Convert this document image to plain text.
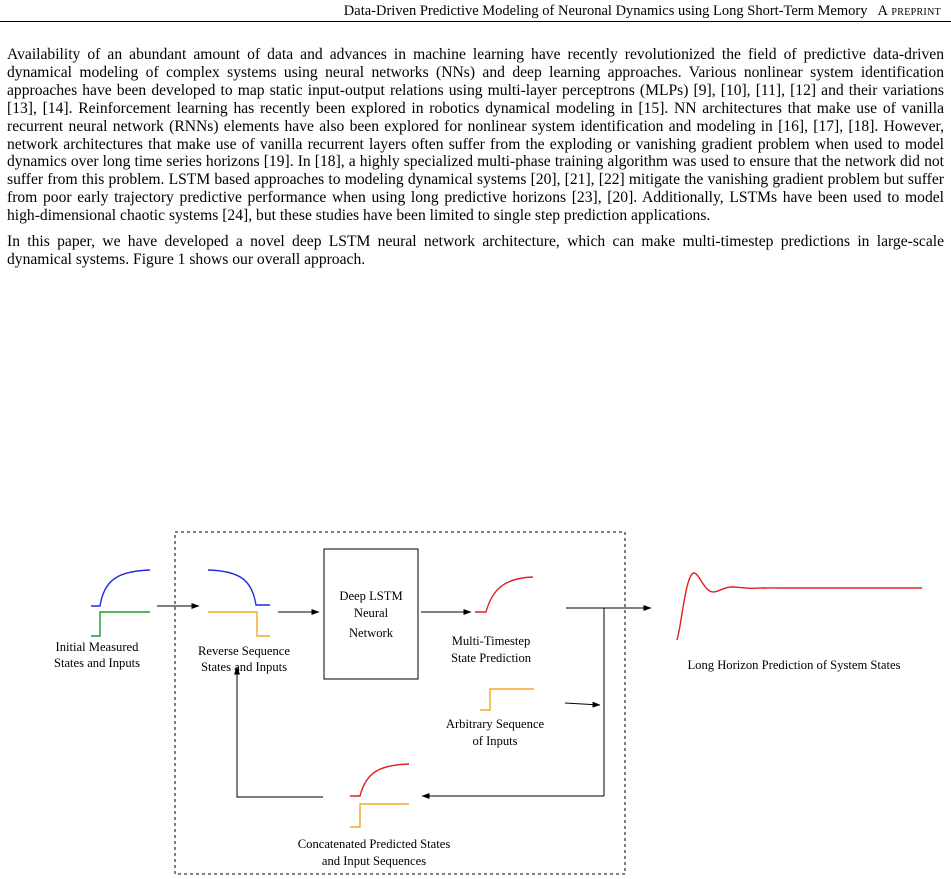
Data-Driven Predictive Modeling of Neuronal Dynamics using Long Short-Term Memory A preprint

Availability of an abundant amount of data and advances in machine learning have recently revolutionized the field of predictive data-driven dynamical modeling of complex systems using neural networks (NNs) and deep learning approaches. Various nonlinear system identification approaches have been developed to map static input-output relations using multi-layer perceptrons (MLPs) [9], [10], [11], [12] and their variations [13], [14]. Reinforcement learning has recently been explored in robotics dynamical modeling in [15]. NN architectures that make use of vanilla recurrent neural network (RNNs) elements have also been explored for nonlinear system identification and modeling in [16], [17], [18]. However, network architectures that make use of vanilla recurrent layers often suffer from the exploding or vanishing gradient problem when used to model dynamics over long time series horizons [19]. In [18], a highly specialized multi-phase training algorithm was used to ensure that the network did not suffer from this problem. LSTM based approaches to modeling dynamical systems [20], [21], [22] mitigate the vanishing gradient problem but suffer from poor early trajectory predictive performance when using long predictive horizons [23], [20]. Additionally, LSTMs have been used to model high-dimensional chaotic systems [24], but these studies have been limited to single step prediction applications.

In this paper, we have developed a novel deep LSTM neural network architecture, which can make multi-timestep predictions in large-scale dynamical systems. Figure 1 shows our overall approach.

Initial Measured
States and Inputs
Reverse Sequence
States and Inputs
Deep LSTM
Neural
Network
Multi-Timestep
State Prediction	Long Horizon Prediction of System States
Arbitrary Sequence
of Inputs
Concatenated Predicted States
and Input Sequences
